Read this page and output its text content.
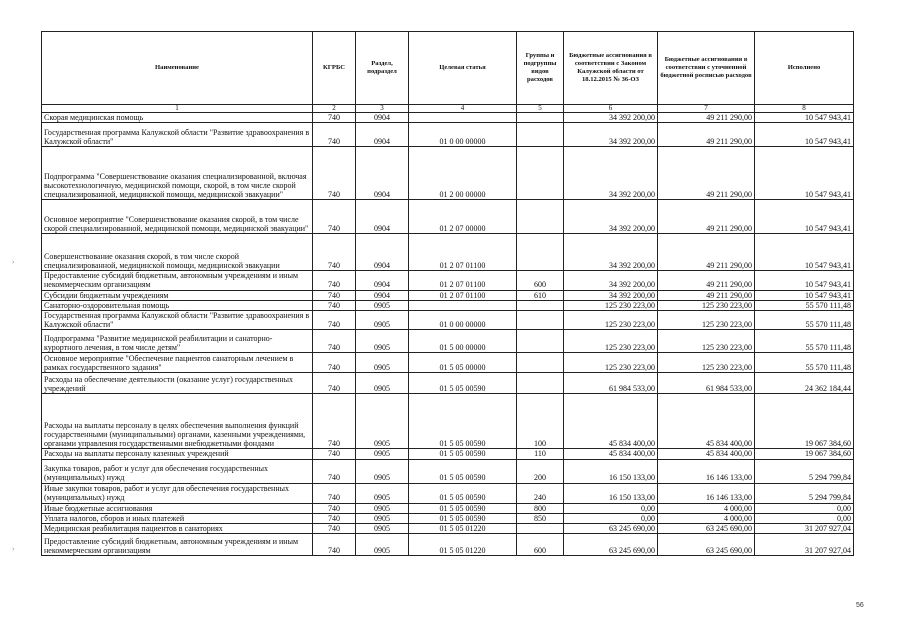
Наименование	КГРБС	Раздел, подраздел	Целевая статья	Группы и подгруппы видов расходов	Бюджетные ассигнования в соответствии с Законом Калужской области от 18.12.2015 № 36-ОЗ	Бюджетные ассигнования в соответствии с уточненной бюджетной росписью расходов	Исполнено
1	2	3	4	5	6	7	8
Скорая медицинская помощь	740	0904			34 392 200,00	49 211 290,00	10 547 943,41
Государственная программа Калужской области "Развитие здравоохранения в Калужской области"	740	0904	01 0 00 00000		34 392 200,00	49 211 290,00	10 547 943,41
Подпрограмма "Совершенствование оказания специализированной, включая высокотехнологичную, медицинской помощи, скорой, в том числе скорой специализированной, медицинской помощи, медицинской эвакуации"	740	0904	01 2 00 00000		34 392 200,00	49 211 290,00	10 547 943,41
Основное мероприятие "Совершенствование оказания скорой, в том числе скорой специализированной, медицинской помощи, медицинской эвакуации"	740	0904	01 2 07 00000		34 392 200,00	49 211 290,00	10 547 943,41
Совершенствование оказания скорой, в том числе скорой специализированной, медицинской помощи, медицинской эвакуации	740	0904	01 2 07 01100		34 392 200,00	49 211 290,00	10 547 943,41
Предоставление субсидий бюджетным, автономным учреждениям и иным некоммерческим организациям	740	0904	01 2 07 01100	600	34 392 200,00	49 211 290,00	10 547 943,41
Субсидии бюджетным учреждениям	740	0904	01 2 07 01100	610	34 392 200,00	49 211 290,00	10 547 943,41
Санаторно-оздоровительная помощь	740	0905			125 230 223,00	125 230 223,00	55 570 111,48
Государственная программа Калужской области "Развитие здравоохранения в Калужской области"	740	0905	01 0 00 00000		125 230 223,00	125 230 223,00	55 570 111,48
Подпрограмма "Развитие медицинской реабилитации и санаторно-курортного лечения, в том числе детям"	740	0905	01 5 00 00000		125 230 223,00	125 230 223,00	55 570 111,48
Основное мероприятие "Обеспечение пациентов санаторным лечением в рамках государственного задания"	740	0905	01 5 05 00000		125 230 223,00	125 230 223,00	55 570 111,48
Расходы на обеспечение деятельности (оказание услуг) государственных учреждений	740	0905	01 5 05 00590		61 984 533,00	61 984 533,00	24 362 184,44
Расходы на выплаты персоналу в целях обеспечения выполнения функций государственными (муниципальными) органами, казенными учреждениями, органами управления государственными внебюджетными фондами	740	0905	01 5 05 00590	100	45 834 400,00	45 834 400,00	19 067 384,60
Расходы на выплаты персоналу казенных учреждений	740	0905	01 5 05 00590	110	45 834 400,00	45 834 400,00	19 067 384,60
Закупка товаров, работ и услуг для обеспечения государственных (муниципальных) нужд	740	0905	01 5 05 00590	200	16 150 133,00	16 146 133,00	5 294 799,84
Иные закупки товаров, работ и услуг для обеспечения государственных (муниципальных) нужд	740	0905	01 5 05 00590	240	16 150 133,00	16 146 133,00	5 294 799,84
Иные бюджетные ассигнования	740	0905	01 5 05 00590	800	0,00	4 000,00	0,00
Уплата налогов, сборов и иных платежей	740	0905	01 5 05 00590	850	0,00	4 000,00	0,00
Медицинская реабилитация пациентов в санаториях	740	0905	01 5 05 01220		63 245 690,00	63 245 690,00	31 207 927,04
Предоставление субсидий бюджетным, автономным учреждениям и иным некоммерческим организациям	740	0905	01 5 05 01220	600	63 245 690,00	63 245 690,00	31 207 927,04
56
›
›
